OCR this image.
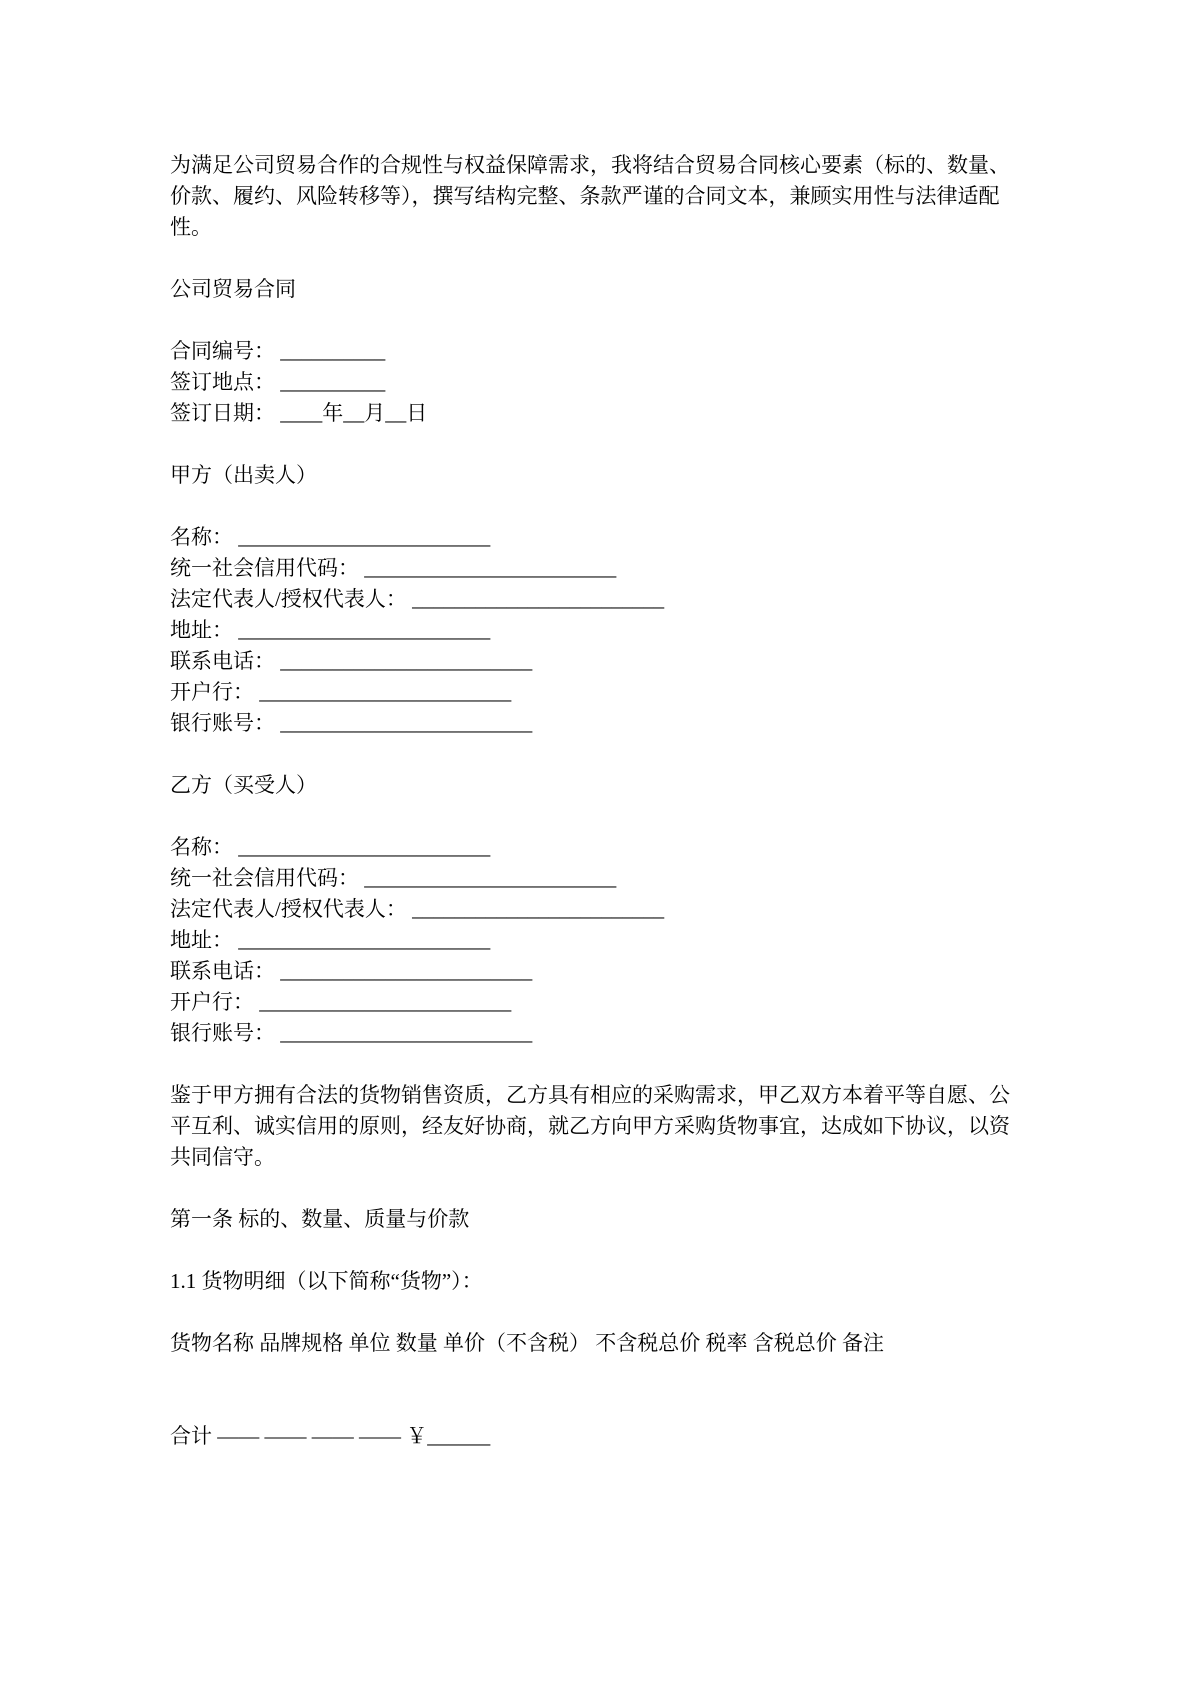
为满足公司贸易合作的合规性与权益保障需求，我将结合贸易合同核心要素（标的、数量、价款、履约、风险转移等），撰写结构完整、条款严谨的合同文本，兼顾实用性与法律适配性。

公司贸易合同

合同编号： __________

签订地点： __________

签订日期： ____年__月__日

甲方（出卖人）

名称： ________________________

统一社会信用代码： ________________________

法定代表人/授权代表人： ________________________

地址： ________________________

联系电话： ________________________

开户行： ________________________

银行账号： ________________________

乙方（买受人）

名称： ________________________

统一社会信用代码： ________________________

法定代表人/授权代表人： ________________________

地址： ________________________

联系电话： ________________________

开户行： ________________________

银行账号： ________________________

鉴于甲方拥有合法的货物销售资质，乙方具有相应的采购需求，甲乙双方本着平等自愿、公平互利、诚实信用的原则，经友好协商，就乙方向甲方采购货物事宜，达成如下协议，以资共同信守。

第一条 标的、数量、质量与价款

1.1 货物明细（以下简称“货物”）：

货物名称 品牌规格 单位 数量 单价（不含税） 不含税总价 税率 含税总价 备注

合计 —— —— —— —— ￥______
